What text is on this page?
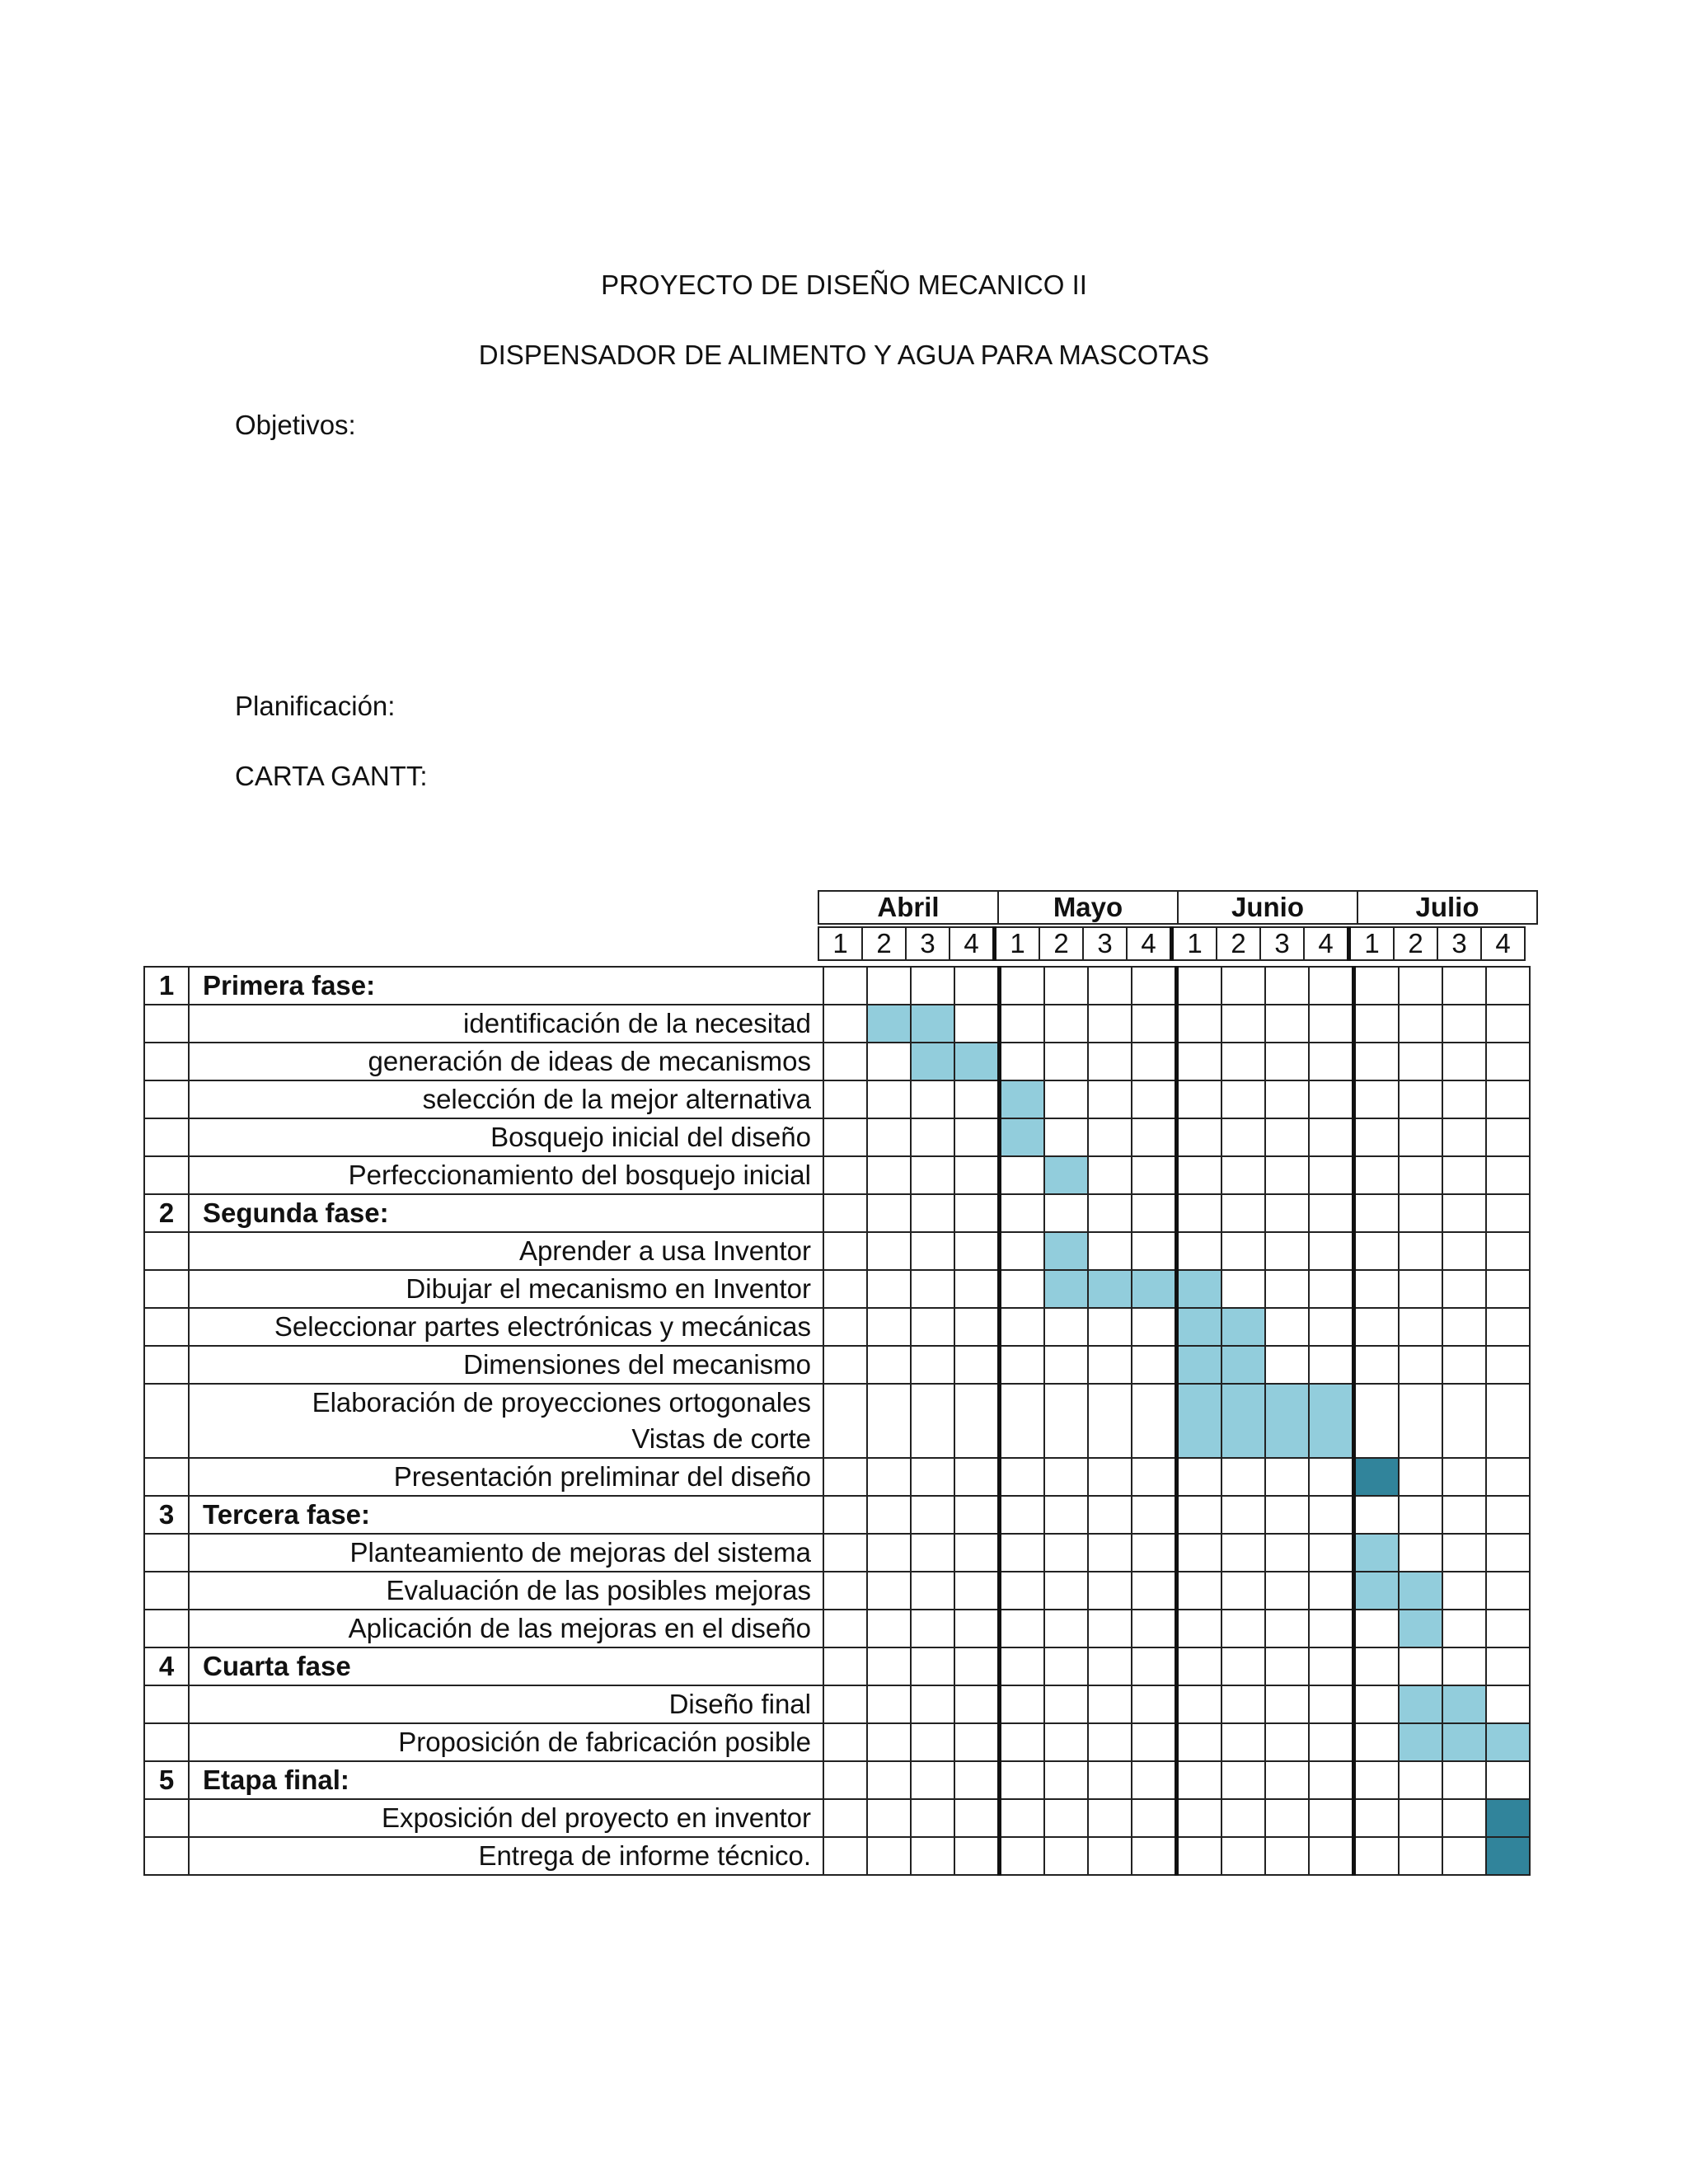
PROYECTO DE DISEÑO MECANICO II
DISPENSADOR DE ALIMENTO Y AGUA PARA MASCOTAS
Objetivos:
Planificación:
CARTA GANTT:
Abril	Mayo	Junio	Julio
1	2	3	4	1	2	3	4	1	2	3	4	1	2	3	4
1	Primera fase:																
	identificación de la necesitad																
	generación de ideas de mecanismos																
	selección de la mejor alternativa																
	Bosquejo inicial del diseño																
	Perfeccionamiento del bosquejo inicial																
2	Segunda fase:																
	Aprender a usa Inventor																
	Dibujar el mecanismo en Inventor																
	Seleccionar partes electrónicas y mecánicas																
	Dimensiones del mecanismo																

	Elaboración de proyecciones ortogonales
Vistas de corte																

	Presentación preliminar del diseño																
3	Tercera fase:																
	Planteamiento de mejoras del sistema																
	Evaluación de las posibles mejoras																
	Aplicación de las mejoras en el diseño																
4	Cuarta fase																
	Diseño final																
	Proposición de fabricación posible																
5	Etapa final:																
	Exposición del proyecto en inventor																
	Entrega de informe técnico.																
